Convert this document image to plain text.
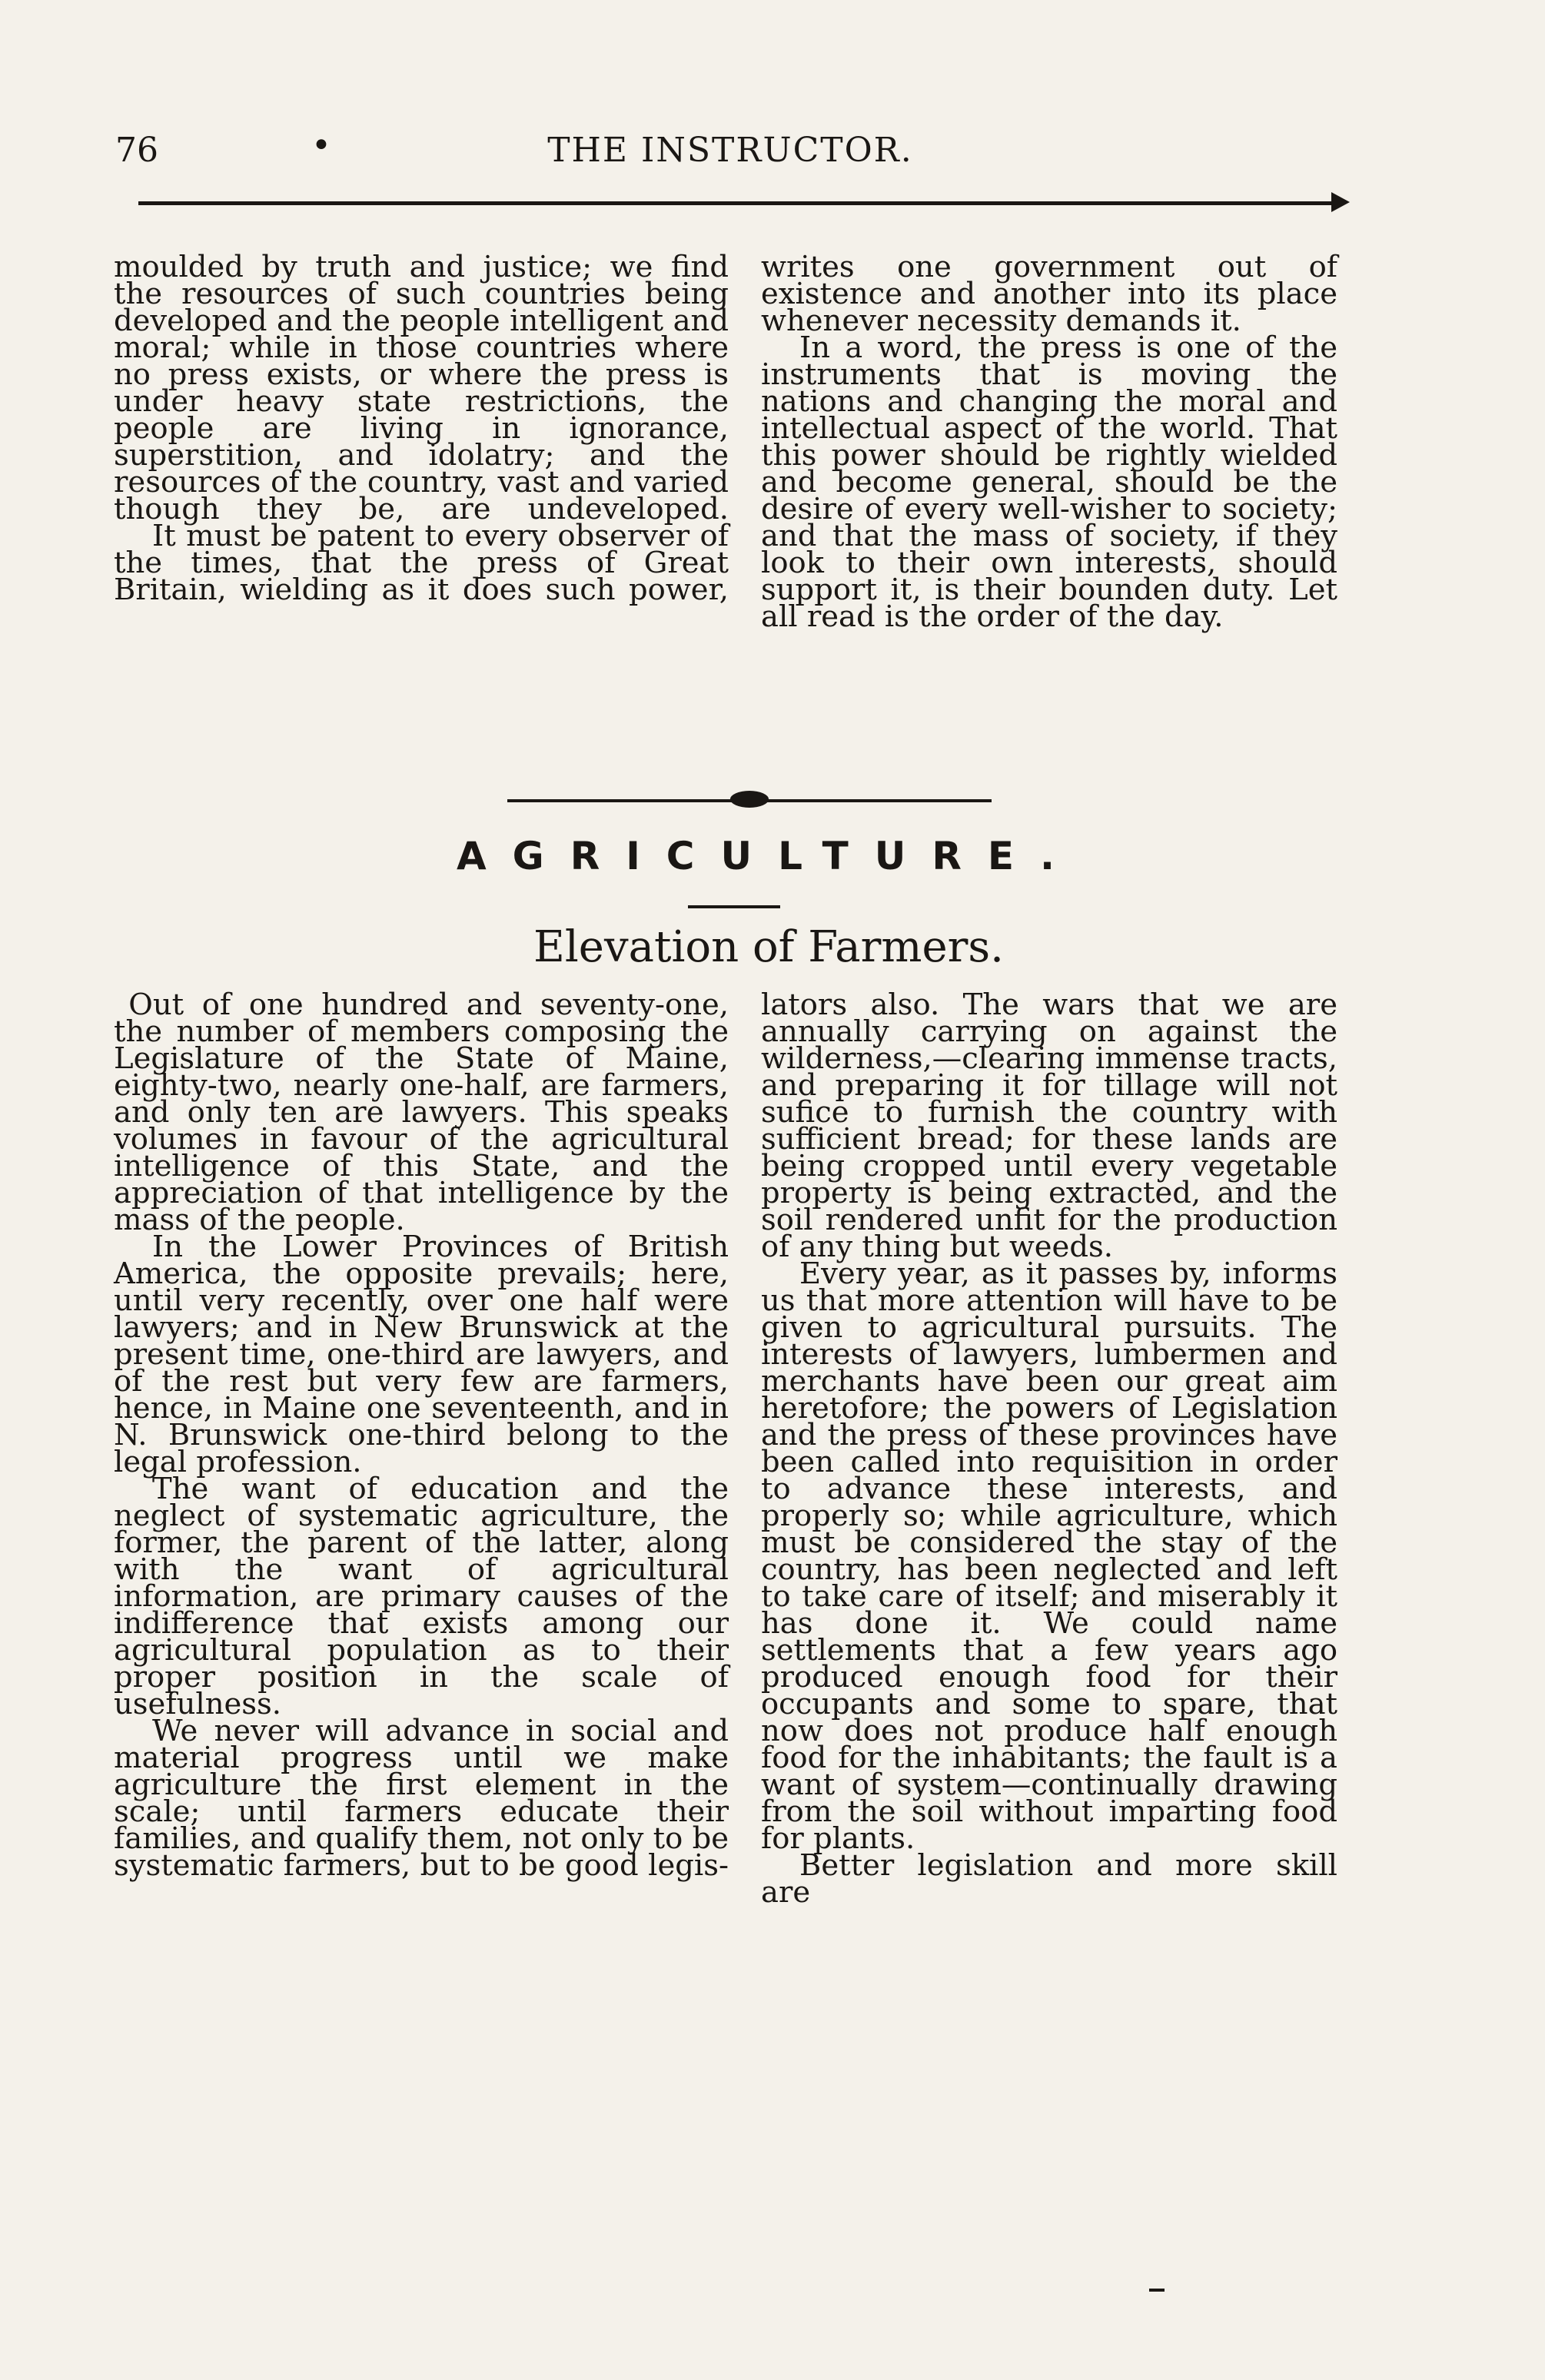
76	•	THE INSTRUCTOR.

moulded by truth and justice; we find the resources of such countries being developed and the people intelligent and moral; while in those countries where no press exists, or where the press is under heavy state restrictions, the people are living in ignorance, superstition, and idolatry; and the resources of the country, vast and varied though they be, are undeveloped.

It must be patent to every observer of the times, that the press of Great Britain, wielding as it does such power,

writes one government out of existence and another into its place whenever necessity demands it.

In a word, the press is one of the instruments that is moving the nations and changing the moral and intellectual aspect of the world. That this power should be rightly wielded and become general, should be the desire of every well-wisher to society; and that the mass of society, if they look to their own interests, should support it, is their bounden duty. Let all read is the order of the day.

AGRICULTURE.
Elevation of Farmers.

Out of one hundred and seventy-one, the number of members composing the Legislature of the State of Maine, eighty-two, nearly one-half, are farmers, and only ten are lawyers. This speaks volumes in favour of the agricultural intelligence of this State, and the appreciation of that intelligence by the mass of the people.

In the Lower Provinces of British America, the opposite prevails; here, until very recently, over one half were lawyers; and in New Brunswick at the present time, one-third are lawyers, and of the rest but very few are farmers, hence, in Maine one seventeenth, and in N. Brunswick one-third belong to the legal profession.

The want of education and the neglect of systematic agriculture, the former, the parent of the latter, along with the want of agricultural information, are primary causes of the indifference that exists among our agricultural population as to their proper position in the scale of usefulness.

We never will advance in social and material progress until we make agriculture the first element in the scale; until farmers educate their families, and qualify them, not only to be systematic farmers, but to be good legis-

lators also. The wars that we are annually carrying on against the wilderness,—clearing immense tracts, and preparing it for tillage will not sufice to furnish the country with sufficient bread; for these lands are being cropped until every vegetable property is being extracted, and the soil rendered unfit for the production of any thing but weeds.

Every year, as it passes by, informs us that more attention will have to be given to agricultural pursuits. The interests of lawyers, lumbermen and merchants have been our great aim heretofore; the powers of Legislation and the press of these provinces have been called into requisition in order to advance these interests, and properly so; while agriculture, which must be considered the stay of the country, has been neglected and left to take care of itself; and miserably it has done it. We could name settlements that a few years ago produced enough food for their occupants and some to spare, that now does not produce half enough food for the inhabitants; the fault is a want of system—continually drawing from the soil without imparting food for plants.

Better legislation and more skill are
